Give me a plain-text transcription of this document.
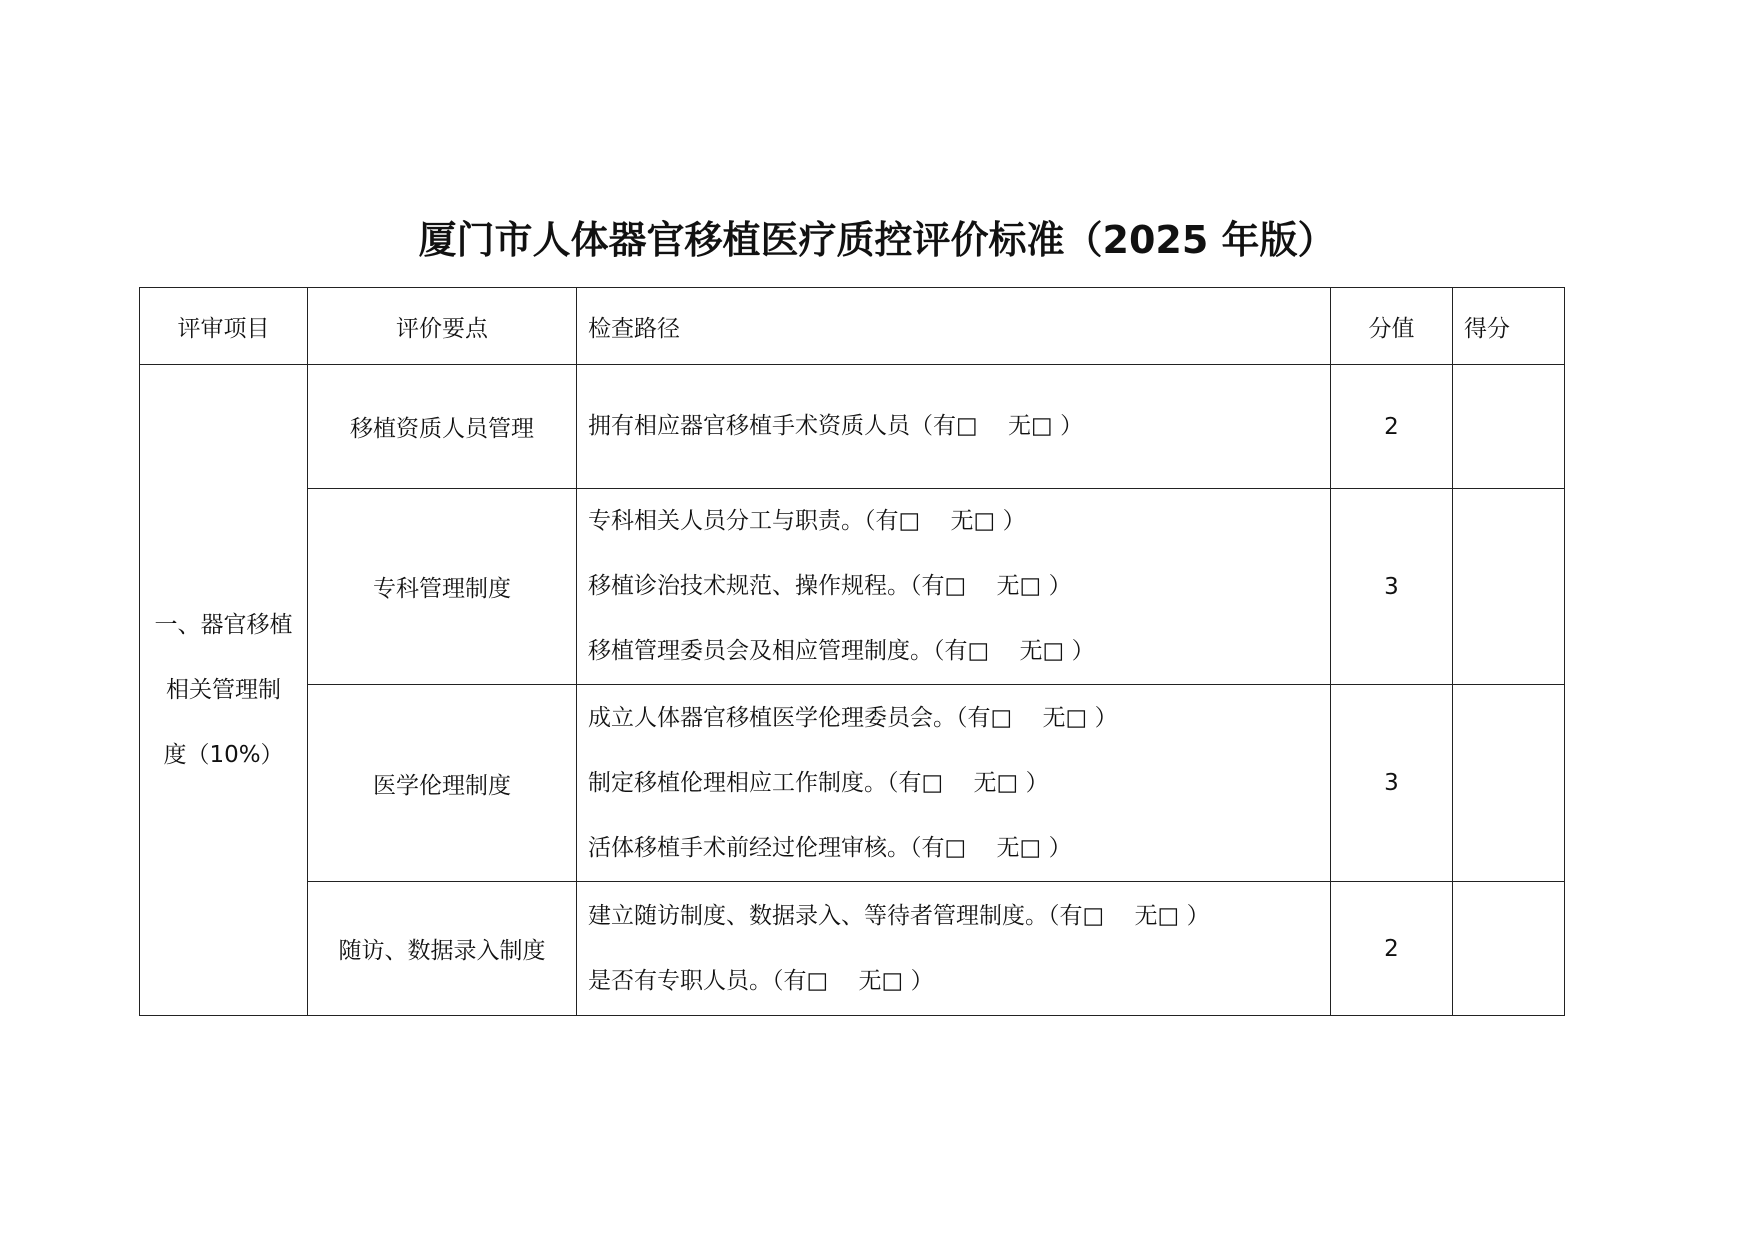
厦门市人体器官移植医疗质控评价标准（2025 年版）
评审项目	评价要点	检查路径	分值	得分

一、器官移植
相关管理制
度（10%）	移植资质人员管理	拥有相应器官移植手术资质人员（有□　 无□ ）	2	
	专科管理制度	专科相关人员分工与职责。（有□　 无□ ）
移植诊治技术规范、操作规程。（有□　 无□ ）
移植管理委员会及相应管理制度。（有□　 无□ ）	3	
	医学伦理制度	成立人体器官移植医学伦理委员会。（有□　 无□ ）
制定移植伦理相应工作制度。（有□　 无□ ）
活体移植手术前经过伦理审核。（有□　 无□ ）	3	
	随访、数据录入制度	建立随访制度、数据录入、等待者管理制度。（有□　 无□ ）
是否有专职人员。（有□　 无□ ）	2	
